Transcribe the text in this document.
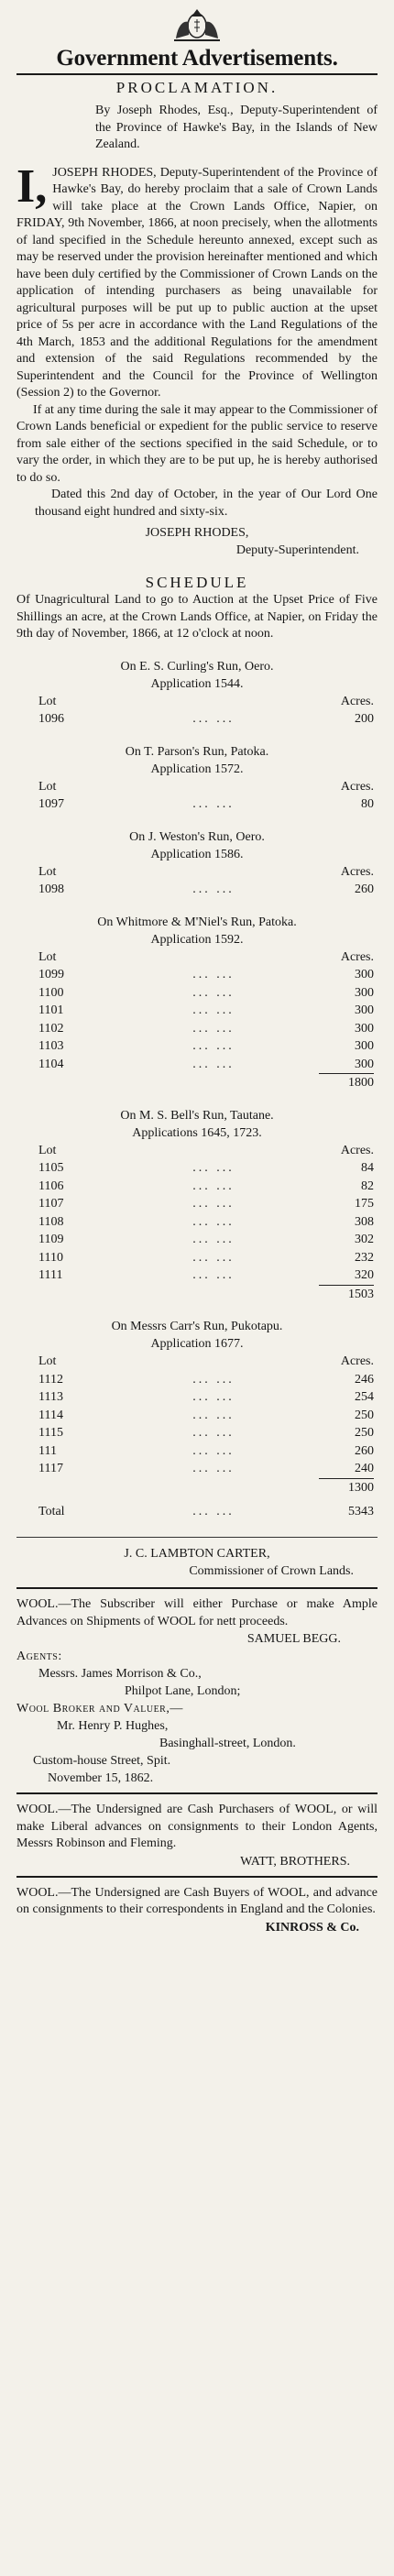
Government Advertisements.
PROCLAMATION.

By Joseph Rhodes, Esq., Deputy-Superintendent of the Province of Hawke's Bay, in the Islands of New Zealand.

I, JOSEPH RHODES, Deputy-Superintendent of the Province of Hawke's Bay, do hereby proclaim that a sale of Crown Lands will take place at the Crown Lands Office, Napier, on FRIDAY, 9th November, 1866, at noon precisely, when the allotments of land specified in the Schedule hereunto annexed, except such as may be reserved under the provision hereinafter mentioned and which have been duly certified by the Commissioner of Crown Lands on the application of intending purchasers as being unavailable for agricultural purposes will be put up to public auction at the upset price of 5s per acre in accordance with the Land Regulations of the 4th March, 1853 and the additional Regulations for the amendment and extension of the said Regulations recommended by the Superintendent and the Council for the Province of Wellington (Session 2) to the Governor.

If at any time during the sale it may appear to the Commissioner of Crown Lands beneficial or expedient for the public service to reserve from sale either of the sections specified in the said Schedule, or to vary the order, in which they are to be put up, he is hereby authorised to do so.

Dated this 2nd day of October, in the year of Our Lord One thousand eight hundred and sixty-six.

JOSEPH RHODES,
Deputy-Superintendent.
SCHEDULE

Of Unagricultural Land to go to Auction at the Upset Price of Five Shillings an acre, at the Crown Lands Office, at Napier, on Friday the 9th day of November, 1866, at 12 o'clock at noon.

On E. S. Curling's Run, Oero.
Application 1544.
Lot	Acres.
1096	... ...	200
On T. Parson's Run, Patoka.
Application 1572.
Lot	Acres.
1097	... ...	80
On J. Weston's Run, Oero.
Application 1586.
Lot	Acres.
1098	... ...	260
On Whitmore & M'Niel's Run, Patoka.
Application 1592.
Lot	Acres.
1099	... ...	300
1100	... ...	300
1101	... ...	300
1102	... ...	300
1103	... ...	300
1104	... ...	300
1800
On M. S. Bell's Run, Tautane.
Applications 1645, 1723.
Lot	Acres.
1105	... ...	84
1106	... ...	82
1107	... ...	175
1108	... ...	308
1109	... ...	302
1110	... ...	232
1111	... ...	320
1503
On Messrs Carr's Run, Pukotapu.
Application 1677.
Lot	Acres.
1112	... ...	246
1113	... ...	254
1114	... ...	250
1115	... ...	250
111	... ...	260
1117	... ...	240
1300
Total	... ...	5343
J. C. LAMBTON CARTER,
Commissioner of Crown Lands.

WOOL.—The Subscriber will either Purchase or make Ample Advances on Shipments of WOOL for nett proceeds.

SAMUEL BEGG.
Agents:
Messrs. James Morrison & Co.,
Philpot Lane, London;
Wool Broker and Valuer,—
Mr. Henry P. Hughes,
Basinghall-street, London.
Custom-house Street, Spit.
November 15, 1862.

WOOL.—The Undersigned are Cash Purchasers of WOOL, or will make Liberal advances on consignments to their London Agents, Messrs Robinson and Fleming.

WATT, BROTHERS.

WOOL.—The Undersigned are Cash Buyers of WOOL, and advance on consignments to their correspondents in England and the Colonies.

KINROSS & Co.
